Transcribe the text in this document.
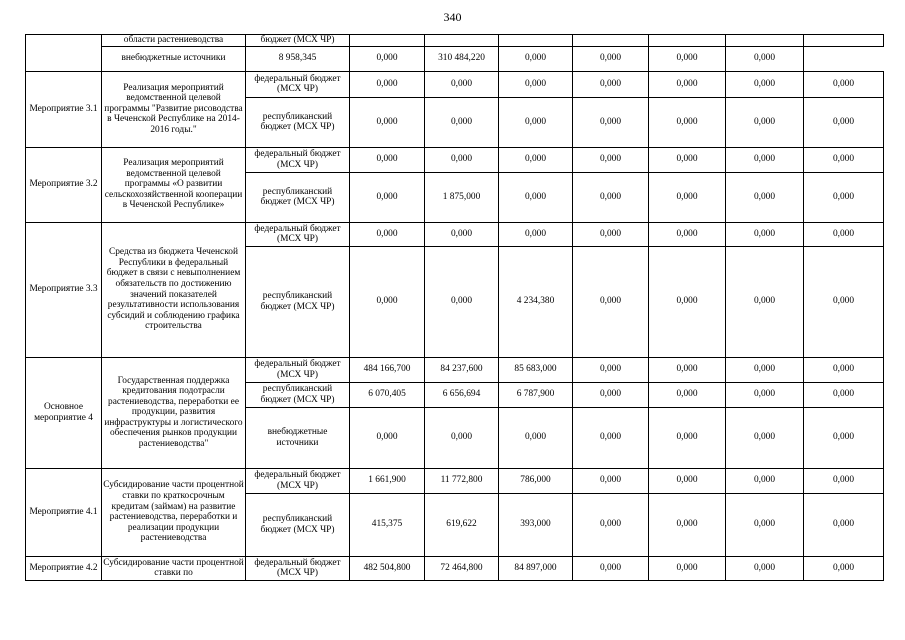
340
	области растениеводства	бюджет (МСХ ЧР)							
	внебюджетные источники	8 958,345	0,000	310 484,220	0,000	0,000	0,000	0,000	
Мероприятие 3.1	Реализация мероприятий ведомственной целевой программы "Развитие рисоводства в Чеченской Республике на 2014-2016 годы."	федеральный бюджет (МСХ ЧР)	0,000	0,000	0,000	0,000	0,000	0,000	0,000
		республиканский бюджет (МСХ ЧР)	0,000	0,000	0,000	0,000	0,000	0,000	0,000
Мероприятие 3.2	Реализация мероприятий ведомственной целевой программы «О развитии сельскохозяйственной кооперации в Чеченской Республике»	федеральный бюджет (МСХ ЧР)	0,000	0,000	0,000	0,000	0,000	0,000	0,000
		республиканский бюджет (МСХ ЧР)	0,000	1 875,000	0,000	0,000	0,000	0,000	0,000
Мероприятие 3.3	Средства из бюджета Чеченской Республики в федеральный бюджет в связи с невыполнением обязательств по достижению значений показателей результативности использования субсидий и соблюдению графика строительства	федеральный бюджет (МСХ ЧР)	0,000	0,000	0,000	0,000	0,000	0,000	0,000
		республиканский бюджет (МСХ ЧР)	0,000	0,000	4 234,380	0,000	0,000	0,000	0,000
Основное мероприятие 4	Государственная поддержка кредитования подотрасли растениеводства, переработки ее продукции, развития инфраструктуры и логистического обеспечения рынков продукции растениеводства"	федеральный бюджет (МСХ ЧР)	484 166,700	84 237,600	85 683,000	0,000	0,000	0,000	0,000
		республиканский бюджет (МСХ ЧР)	6 070,405	6 656,694	6 787,900	0,000	0,000	0,000	0,000
		внебюджетные источники	0,000	0,000	0,000	0,000	0,000	0,000	0,000
Мероприятие 4.1	Субсидирование части процентной ставки по краткосрочным кредитам (займам) на развитие растениеводства, переработки и реализации продукции растениеводства	федеральный бюджет (МСХ ЧР)	1 661,900	11 772,800	786,000	0,000	0,000	0,000	0,000
		республиканский бюджет (МСХ ЧР)	415,375	619,622	393,000	0,000	0,000	0,000	0,000
Мероприятие 4.2	Субсидирование части процентной ставки по	федеральный бюджет (МСХ ЧР)	482 504,800	72 464,800	84 897,000	0,000	0,000	0,000	0,000
